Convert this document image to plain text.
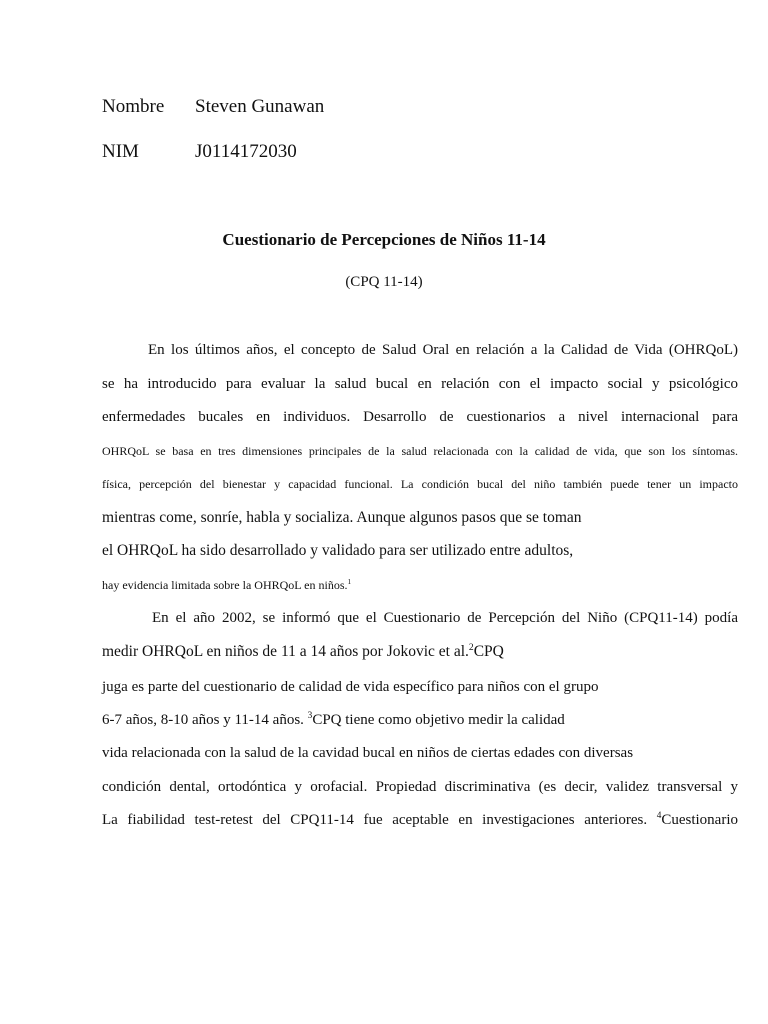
Nombre Steven Gunawan
NIM	J0114172030
Cuestionario de Percepciones de Niños 11-14
(CPQ 11-14)
En los últimos años, el concepto de Salud Oral en relación a la Calidad de Vida (OHRQoL)
se ha introducido para evaluar la salud bucal en relación con el impacto social y psicológico
enfermedades bucales en individuos. Desarrollo de cuestionarios a nivel internacional para
OHRQoL se basa en tres dimensiones principales de la salud relacionada con la calidad de vida, que son los síntomas.
física, percepción del bienestar y capacidad funcional. La condición bucal del niño también puede tener un impacto
mientras come, sonríe, habla y socializa. Aunque algunos pasos que se toman
el OHRQoL ha sido desarrollado y validado para ser utilizado entre adultos,
hay evidencia limitada sobre la OHRQoL en niños.$^1$
En el año 2002, se informó que el Cuestionario de Percepción del Niño (CPQ11-14) podía
medir OHRQoL en niños de 11 a 14 años por Jokovic et al.$^2$CPQ
juga es parte del cuestionario de calidad de vida específico para niños con el grupo
6-7 años, 8-10 años y 11-14 años. $^3$CPQ tiene como objetivo medir la calidad
vida relacionada con la salud de la cavidad bucal en niños de ciertas edades con diversas
condición dental, ortodóntica y orofacial. Propiedad discriminativa (es decir, validez transversal y
La fiabilidad test-retest del CPQ11-14 fue aceptable en investigaciones anteriores. $^4$Cuestionario
